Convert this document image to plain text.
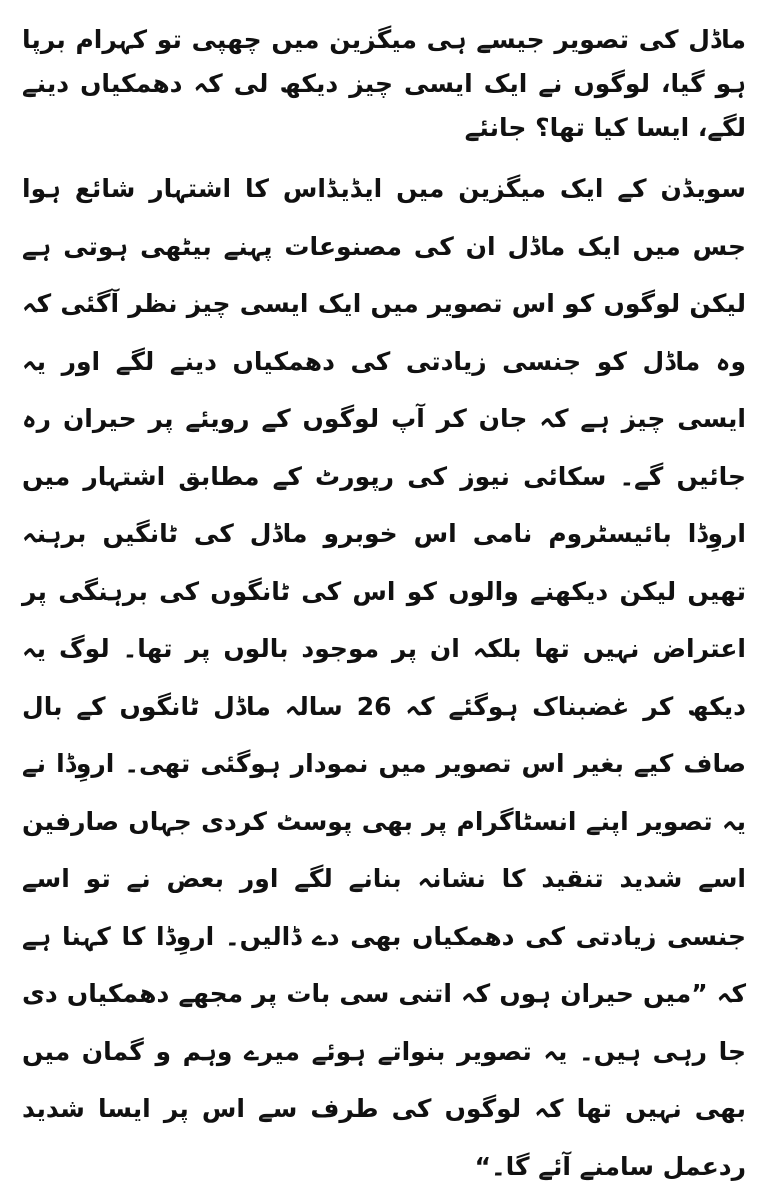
ماڈل کی تصویر جیسے ہی میگزین میں چھپی تو کہرام برپا ہو گیا، لوگوں نے ایک ایسی چیز دیکھ لی کہ دھمکیاں دینے لگے، ایسا کیا تھا؟ جانئے

سویڈن کے ایک میگزین میں ایڈیڈاس کا اشتہار شائع ہوا جس میں ایک ماڈل ان کی مصنوعات پہنے بیٹھی ہوتی ہے لیکن لوگوں کو اس تصویر میں ایک ایسی چیز نظر آگئی کہ وہ ماڈل کو جنسی زیادتی کی دھمکیاں دینے لگے اور یہ ایسی چیز ہے کہ جان کر آپ لوگوں کے رویئے پر حیران رہ جائیں گے۔ سکائی نیوز کی رپورٹ کے مطابق اشتہار میں اروِڈا بائیسٹروم نامی اس خوبرو ماڈل کی ٹانگیں برہنہ تھیں لیکن دیکھنے والوں کو اس کی ٹانگوں کی برہنگی پر اعتراض نہیں تھا بلکہ ان پر موجود بالوں پر تھا۔ لوگ یہ دیکھ کر غضبناک ہوگئے کہ 26 سالہ ماڈل ٹانگوں کے بال صاف کیے بغیر اس تصویر میں نمودار ہوگئی تھی۔ اروِڈا نے یہ تصویر اپنے انسٹاگرام پر بھی پوسٹ کردی جہاں صارفین اسے شدید تنقید کا نشانہ بنانے لگے اور بعض نے تو اسے جنسی زیادتی کی دھمکیاں بھی دے ڈالیں۔ اروِڈا کا کہنا ہے کہ ”میں حیران ہوں کہ اتنی سی بات پر مجھے دھمکیاں دی جا رہی ہیں۔ یہ تصویر بنواتے ہوئے میرے وہم و گمان میں بھی نہیں تھا کہ لوگوں کی طرف سے اس پر ایسا شدید ردعمل سامنے آئے گا۔“
